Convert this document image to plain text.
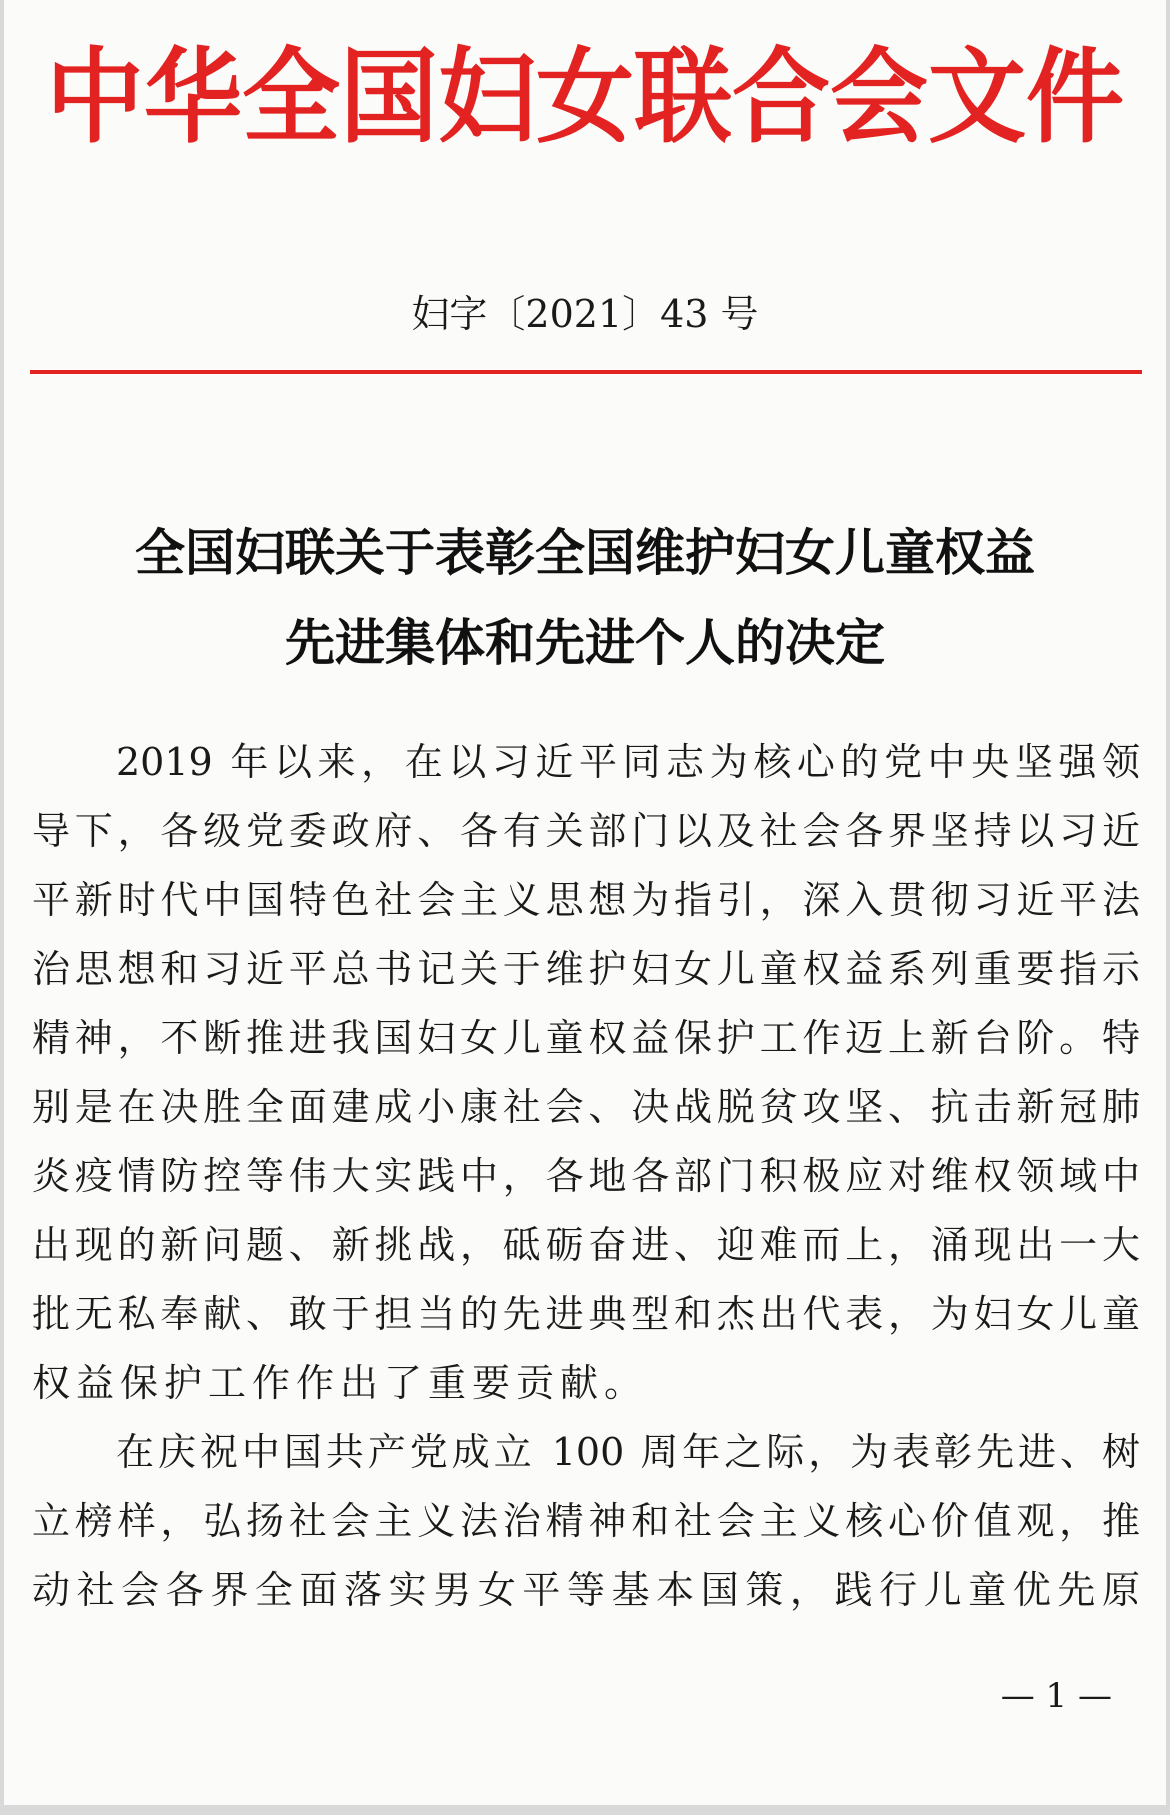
中华全国妇女联合会文件
妇字〔2021〕43 号
全国妇联关于表彰全国维护妇女儿童权益
先进集体和先进个人的决定
2019 年以来，在以习近平同志为核心的党中央坚强领
导下，各级党委政府、各有关部门以及社会各界坚持以习近
平新时代中国特色社会主义思想为指引，深入贯彻习近平法
治思想和习近平总书记关于维护妇女儿童权益系列重要指示
精神，不断推进我国妇女儿童权益保护工作迈上新台阶。特
别是在决胜全面建成小康社会、决战脱贫攻坚、抗击新冠肺
炎疫情防控等伟大实践中，各地各部门积极应对维权领域中
出现的新问题、新挑战，砥砺奋进、迎难而上，涌现出一大
批无私奉献、敢于担当的先进典型和杰出代表，为妇女儿童
权益保护工作作出了重要贡献。
在庆祝中国共产党成立 100 周年之际，为表彰先进、树
立榜样，弘扬社会主义法治精神和社会主义核心价值观，推
动社会各界全面落实男女平等基本国策，践行儿童优先原
— 1 —
